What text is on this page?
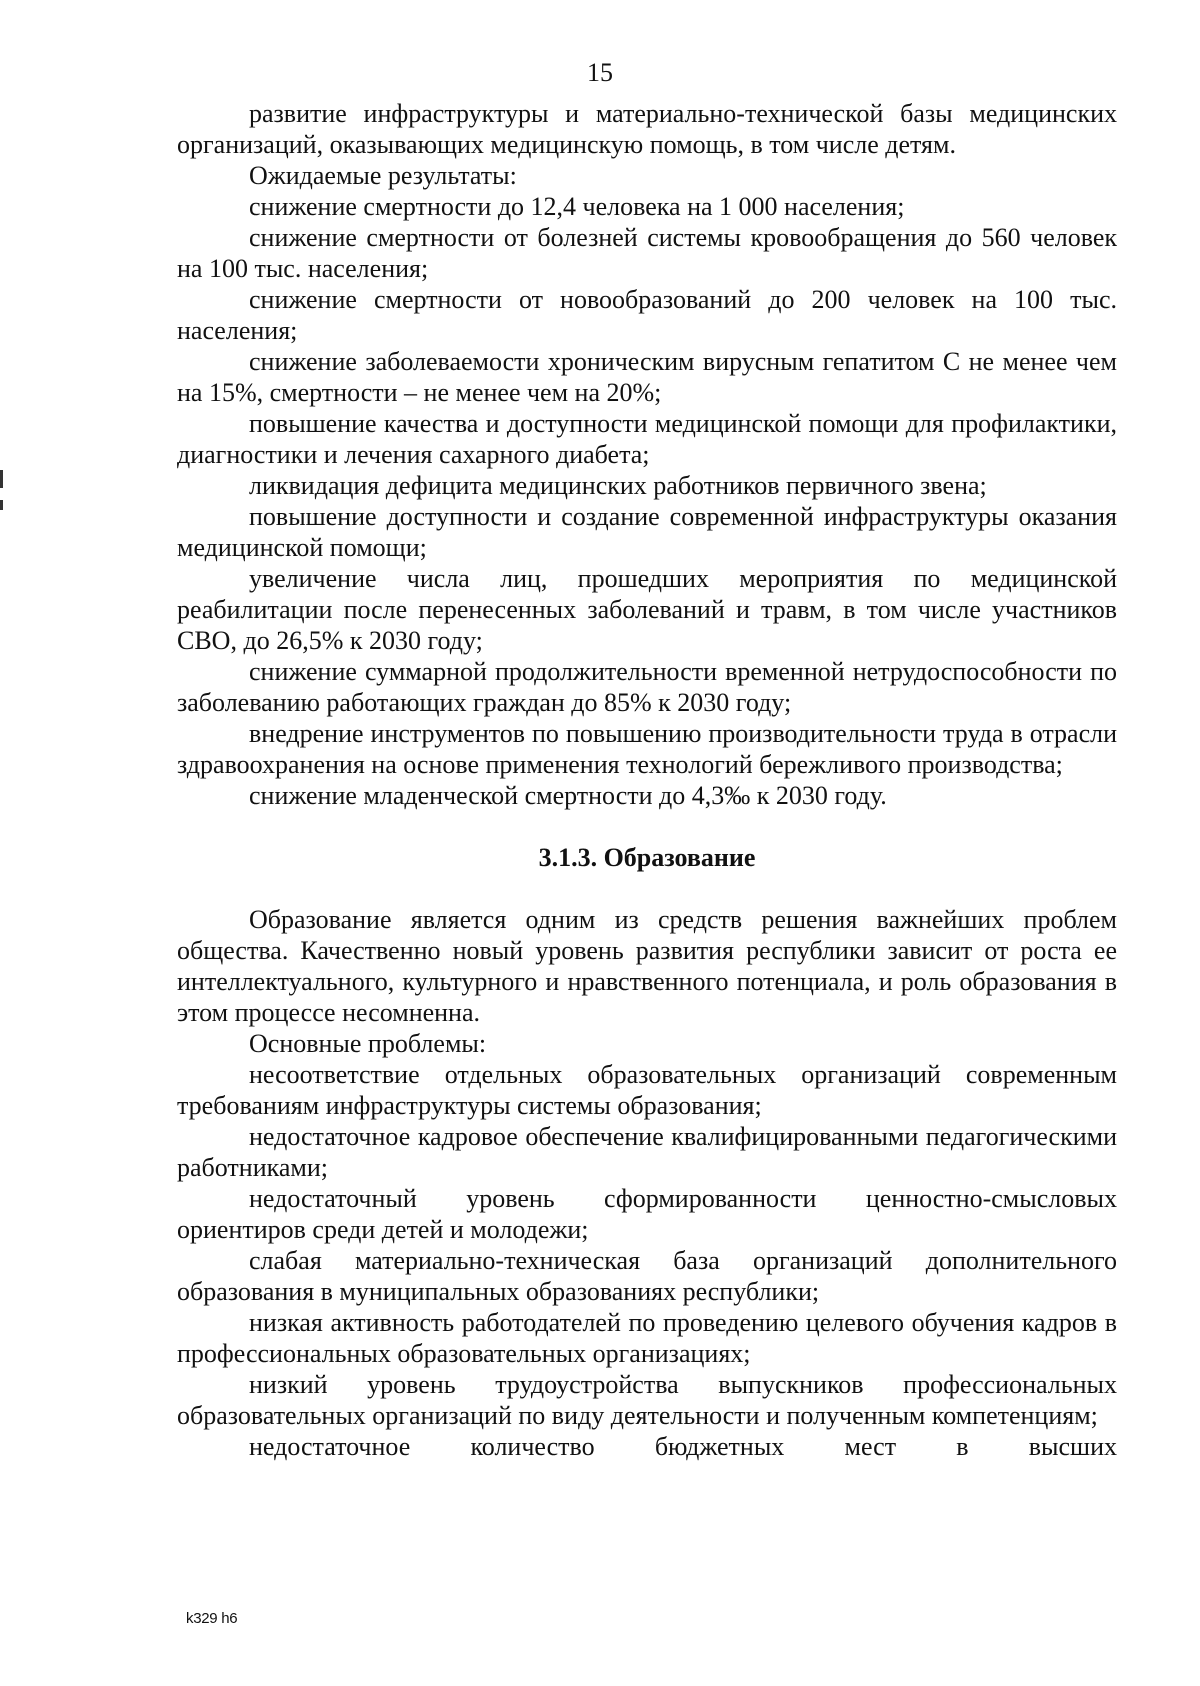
15

развитие инфраструктуры и материально-технической базы медицинских организаций, оказывающих медицинскую помощь, в том числе детям.

Ожидаемые результаты:

снижение смертности до 12,4 человека на 1 000 населения;

снижение смертности от болезней системы кровообращения до 560 человек на 100 тыс. населения;

снижение смертности от новообразований до 200 человек на 100 тыс. населения;

снижение заболеваемости хроническим вирусным гепатитом С не менее чем на 15%, смертности – не менее чем на 20%;

повышение качества и доступности медицинской помощи для профилактики, диагностики и лечения сахарного диабета;

ликвидация дефицита медицинских работников первичного звена;

повышение доступности и создание современной инфраструктуры оказания медицинской помощи;

увеличение числа лиц, прошедших мероприятия по медицинской реабилитации после перенесенных заболеваний и травм, в том числе участников СВО, до 26,5% к 2030 году;

снижение суммарной продолжительности временной нетрудоспособности по заболеванию работающих граждан до 85% к 2030 году;

внедрение инструментов по повышению производительности труда в отрасли здравоохранения на основе применения технологий бережливого производства;

снижение младенческой смертности до 4,3‰ к 2030 году.

3.1.3. Образование

Образование является одним из средств решения важнейших проблем общества. Качественно новый уровень развития республики зависит от роста ее интеллектуального, культурного и нравственного потенциала, и роль образования в этом процессе несомненна.

Основные проблемы:

несоответствие отдельных образовательных организаций современным требованиям инфраструктуры системы образования;

недостаточное кадровое обеспечение квалифицированными педагогическими работниками;

недостаточный уровень сформированности ценностно-смысловых ориентиров среди детей и молодежи;

слабая материально-техническая база организаций дополнительного образования в муниципальных образованиях республики;

низкая активность работодателей по проведению целевого обучения кадров в профессиональных образовательных организациях;

низкий уровень трудоустройства выпускников профессиональных образовательных организаций по виду деятельности и полученным компетенциям;

недостаточное количество бюджетных мест в высших

k329 h6
